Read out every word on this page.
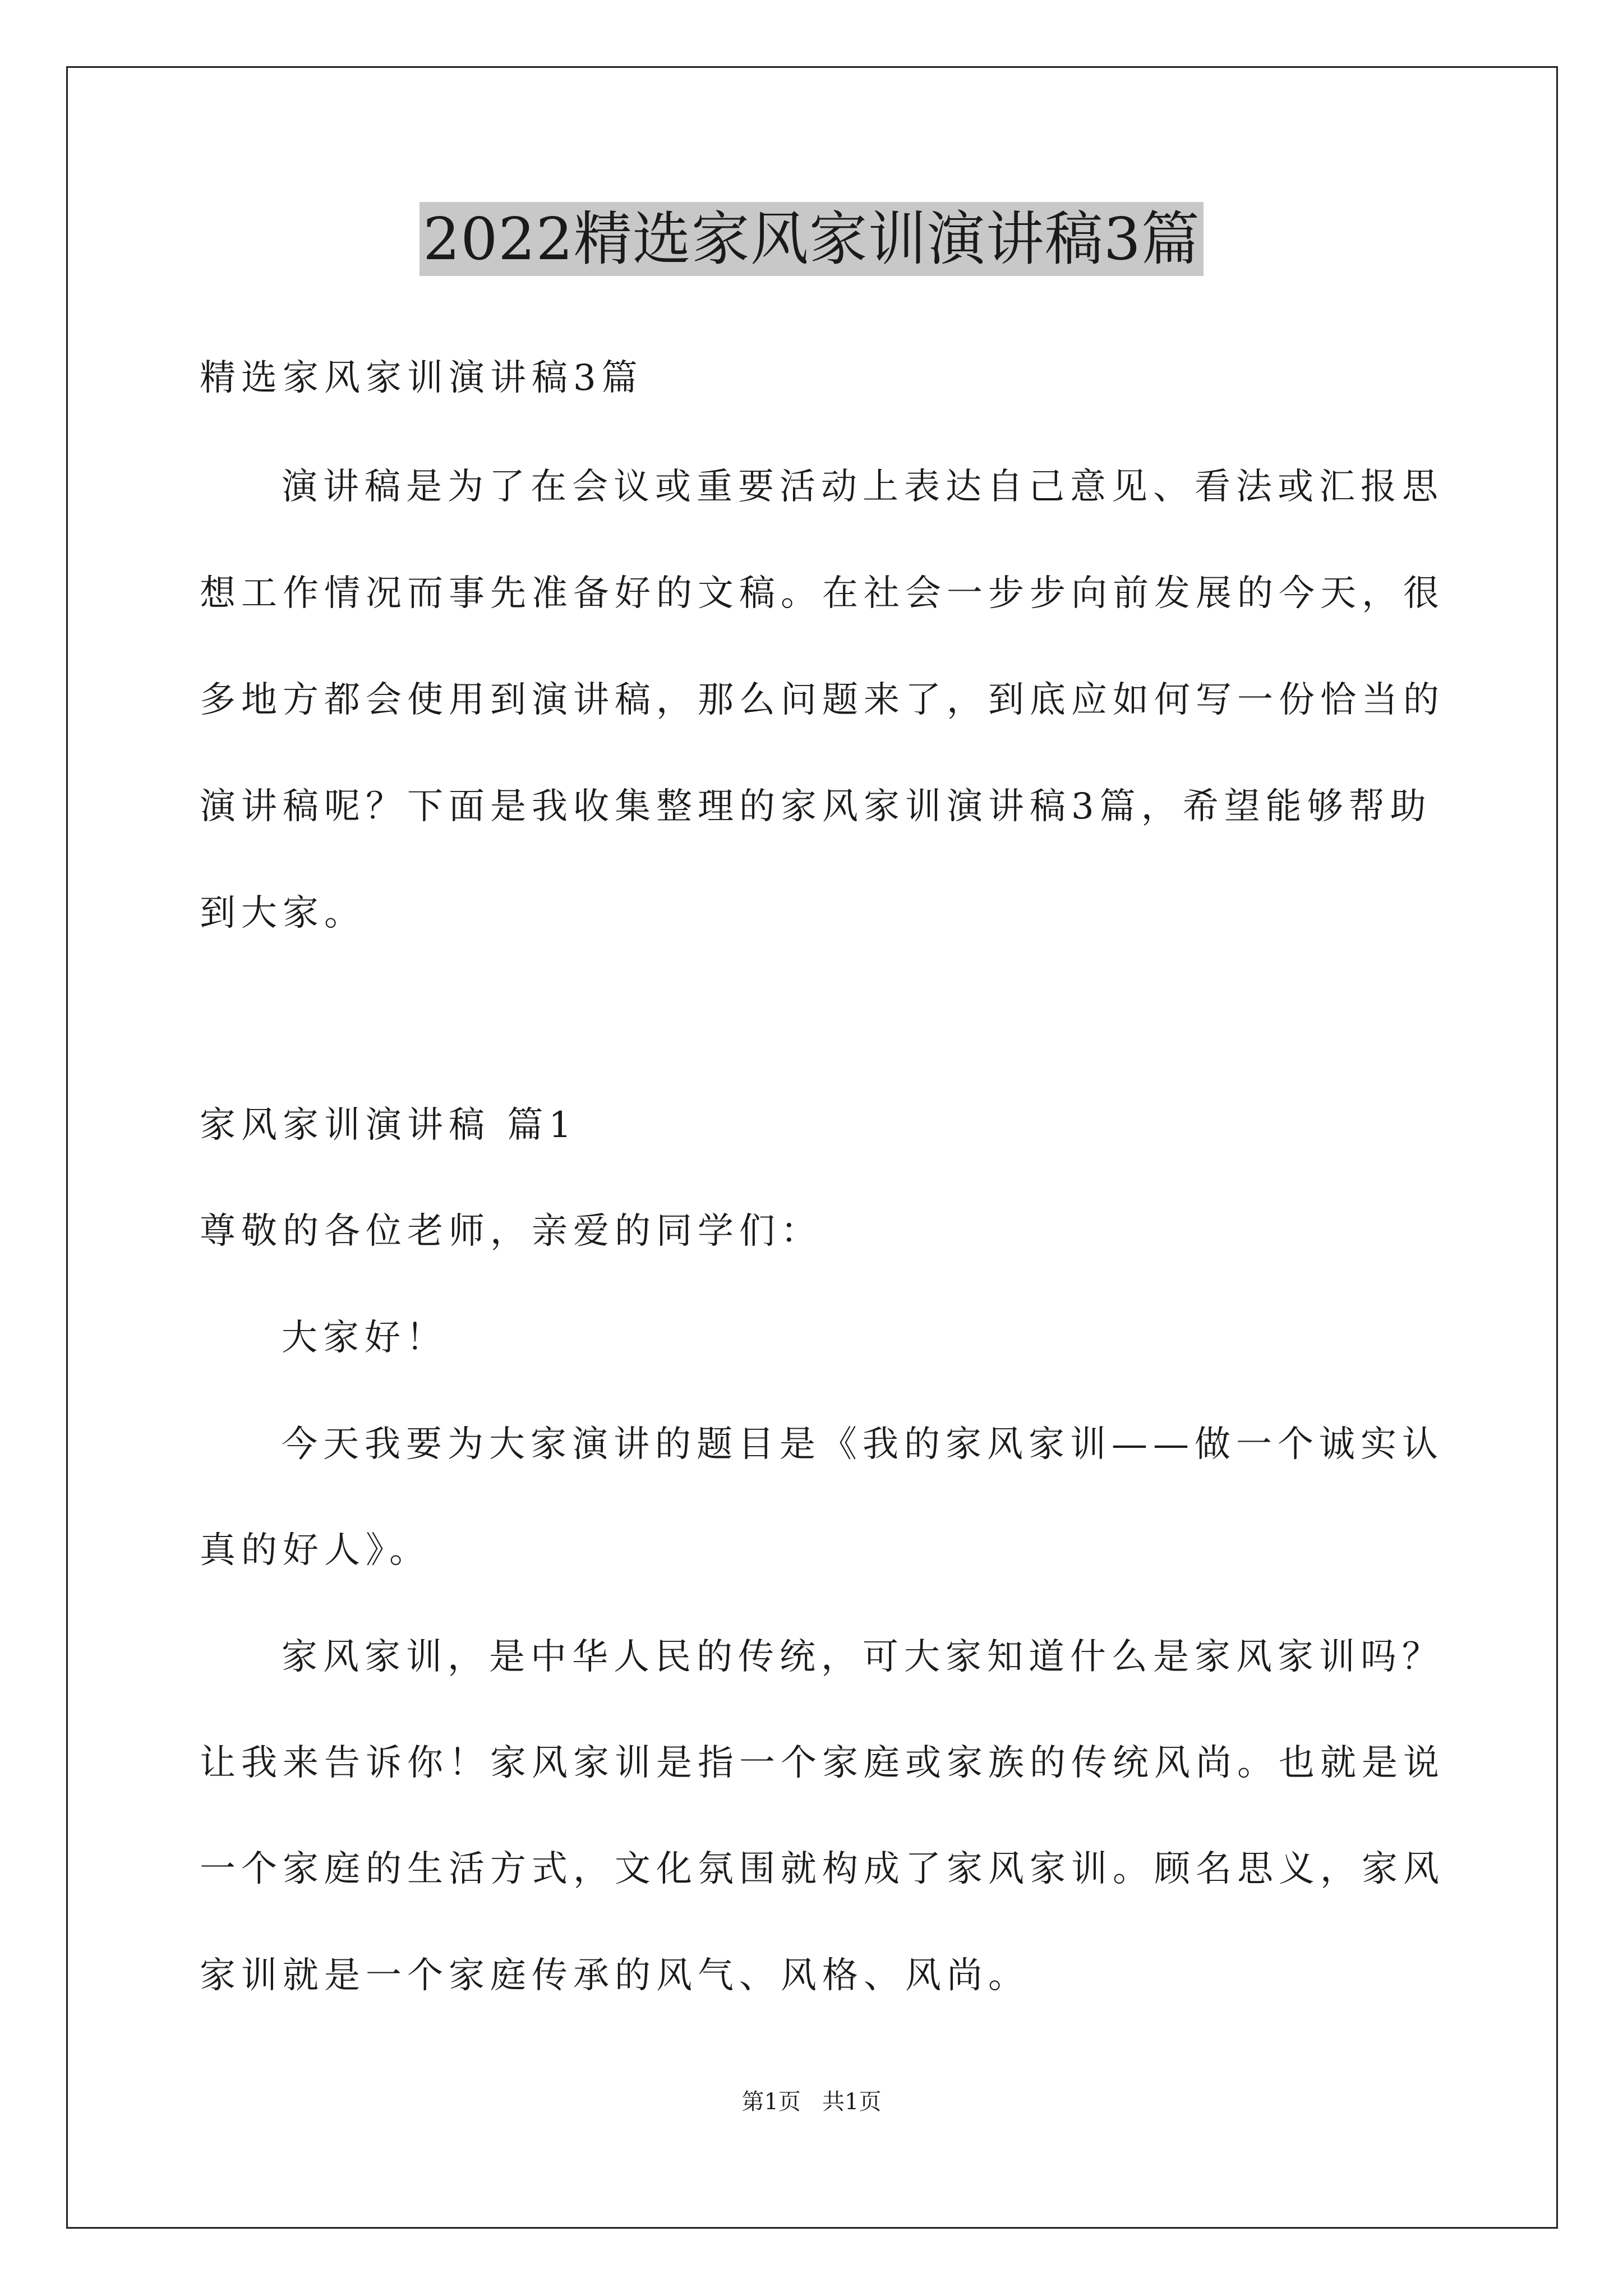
2022精选家风家训演讲稿3篇
精选家风家训演讲稿3篇
演讲稿是为了在会议或重要活动上表达自己意见、看法或汇报思
想工作情况而事先准备好的文稿。在社会一步步向前发展的今天，很
多地方都会使用到演讲稿，那么问题来了，到底应如何写一份恰当的
演讲稿呢？下面是我收集整理的家风家训演讲稿3篇，希望能够帮助
到大家。
家风家训演讲稿 篇1
尊敬的各位老师，亲爱的同学们：
大家好！
今天我要为大家演讲的题目是《我的家风家训——做一个诚实认
真的好人》。
家风家训，是中华人民的传统，可大家知道什么是家风家训吗？
让我来告诉你！家风家训是指一个家庭或家族的传统风尚。也就是说
一个家庭的生活方式，文化氛围就构成了家风家训。顾名思义，家风
家训就是一个家庭传承的风气、风格、风尚。
第1页   共1页
